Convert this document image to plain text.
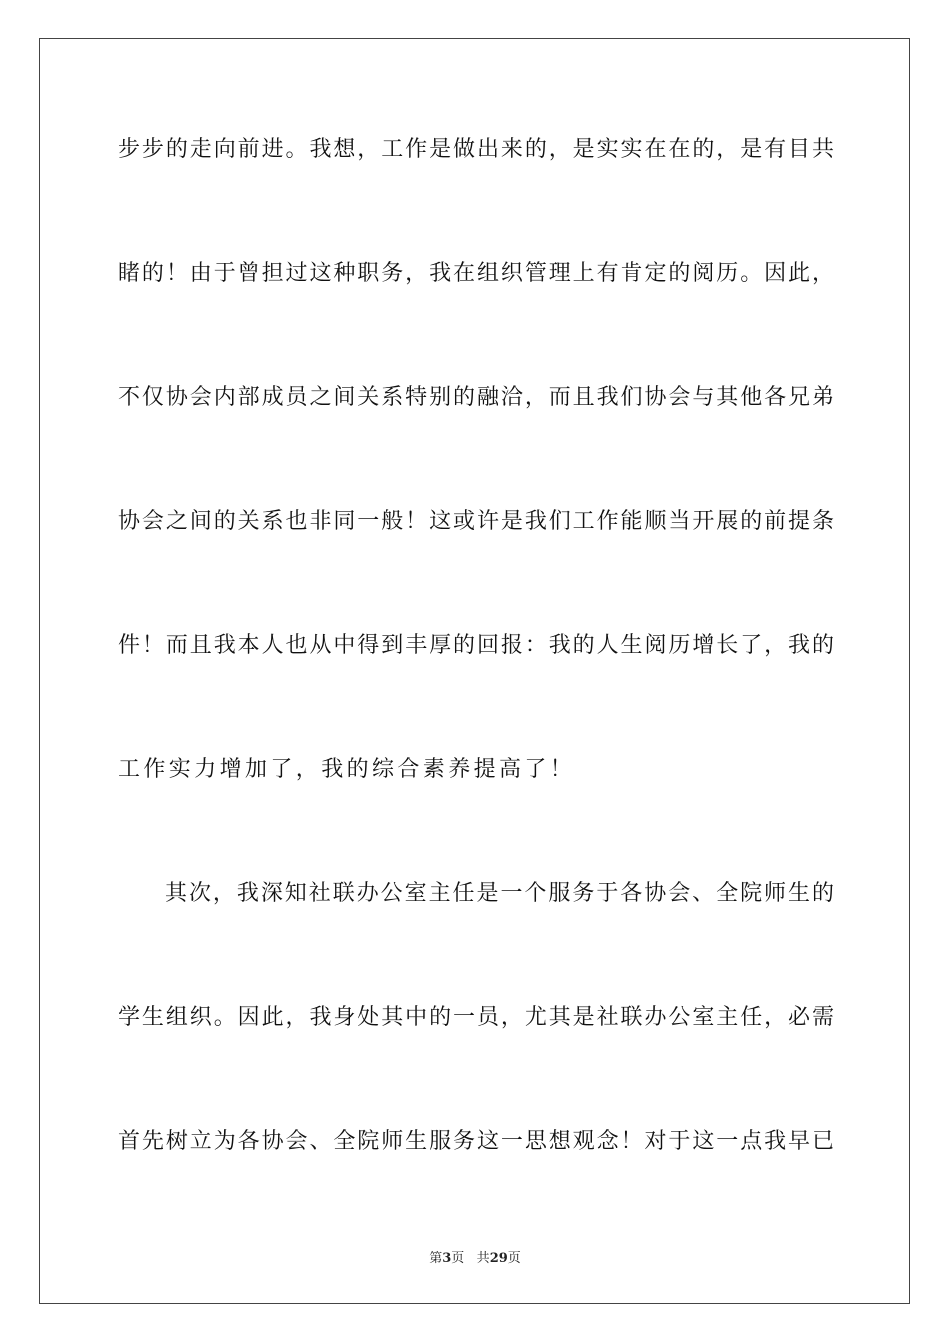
步步的走向前进。我想，工作是做出来的，是实实在在的，是有目共
睹的！由于曾担过这种职务，我在组织管理上有肯定的阅历。因此，
不仅协会内部成员之间关系特别的融洽，而且我们协会与其他各兄弟
协会之间的关系也非同一般！这或许是我们工作能顺当开展的前提条
件！而且我本人也从中得到丰厚的回报：我的人生阅历增长了，我的
工作实力增加了，我的综合素养提高了！
其次，我深知社联办公室主任是一个服务于各协会、全院师生的
学生组织。因此，我身处其中的一员，尤其是社联办公室主任，必需
首先树立为各协会、全院师生服务这一思想观念！对于这一点我早已
第3页 共29页
